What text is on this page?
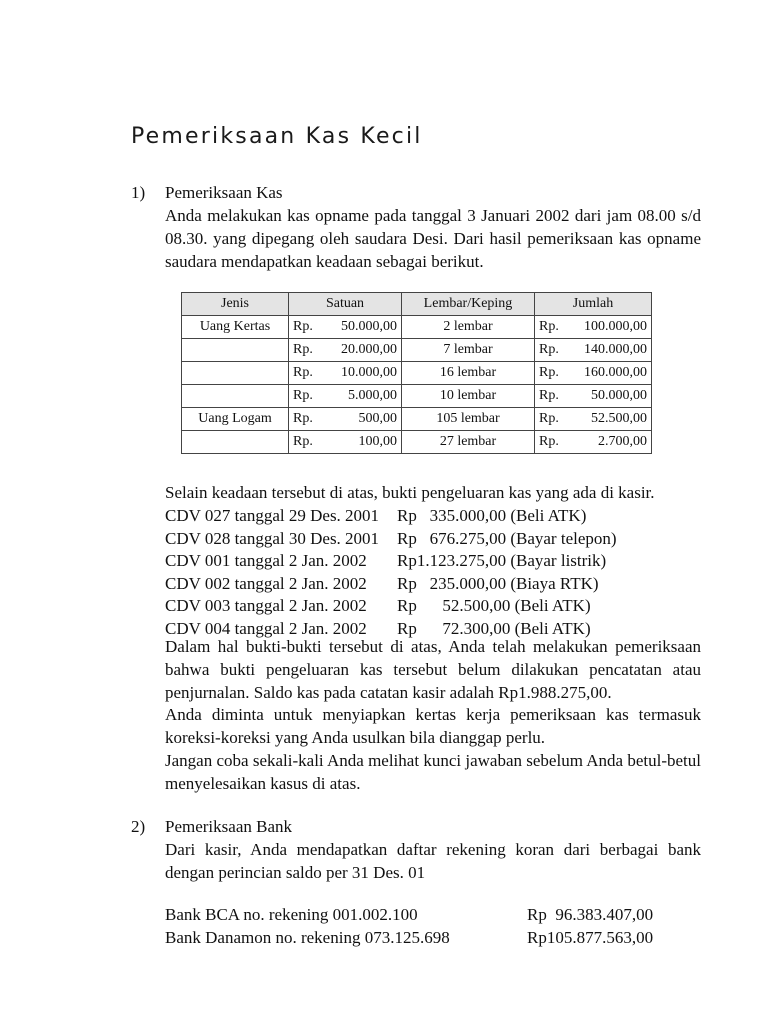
Pemeriksaan Kas Kecil
1)	Pemeriksaan Kas

Anda melakukan kas opname pada tanggal 3 Januari 2002 dari jam 08.00 s/d 08.30. yang dipegang oleh saudara Desi. Dari hasil pemeriksaan kas opname saudara mendapatkan keadaan sebagai berikut.

Jenis	Satuan	Lembar/Keping	Jumlah
Uang Kertas	Rp. 50.000,00	2 lembar	Rp. 100.000,00

	Rp. 20.000,00	7 lembar	Rp. 140.000,00

	Rp. 10.000,00	16 lembar	Rp. 160.000,00

	Rp. 5.000,00	10 lembar	Rp. 50.000,00

Uang Logam	Rp. 500,00	105 lembar	Rp. 52.500,00

	Rp. 100,00	27 lembar	Rp. 2.700,00
Selain keadaan tersebut di atas, bukti pengeluaran kas yang ada di kasir.
CDV 027 tanggal 29 Des. 2001 Rp   335.000,00 (Beli ATK)
CDV 028 tanggal 30 Des. 2001 Rp   676.275,00 (Bayar telepon)
CDV 001 tanggal 2 Jan. 2002 Rp1.123.275,00 (Bayar listrik)
CDV 002 tanggal 2 Jan. 2002 Rp   235.000,00 (Biaya RTK)
CDV 003 tanggal 2 Jan. 2002 Rp      52.500,00 (Beli ATK)
CDV 004 tanggal 2 Jan. 2002 Rp      72.300,00 (Beli ATK)

Dalam hal bukti-bukti tersebut di atas, Anda telah melakukan pemeriksaan bahwa bukti pengeluaran kas tersebut belum dilakukan pencatatan atau penjurnalan. Saldo kas pada catatan kasir adalah Rp1.988.275,00.

Anda diminta untuk menyiapkan kertas kerja pemeriksaan kas termasuk koreksi-koreksi yang Anda usulkan bila dianggap perlu.

Jangan coba sekali-kali Anda melihat kunci jawaban sebelum Anda betul-betul menyelesaikan kasus di atas.

2)	Pemeriksaan Bank

Dari kasir, Anda mendapatkan daftar rekening koran dari berbagai bank dengan perincian saldo per 31 Des. 01

Bank BCA no. rekening 001.002.100	Rp  96.383.407,00
Bank Danamon no. rekening 073.125.698	Rp105.877.563,00
